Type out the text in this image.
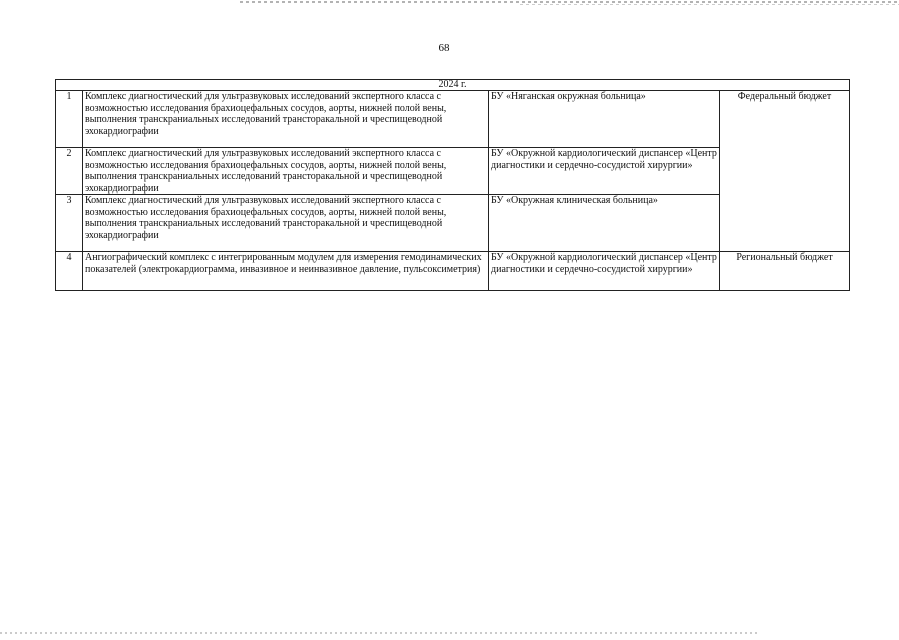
68
2024 г.			
1	Комплекс диагностический для ультразвуковых исследований экспертного класса с возможностью исследования брахиоцефальных сосудов, аорты, нижней полой вены, выполнения транскраниальных исследований трансторакальной и чреспищеводной эхокардиографии	БУ «Няганская окружная больница»	Федеральный бюджет
2	Комплекс диагностический для ультразвуковых исследований экспертного класса с возможностью исследования брахиоцефальных сосудов, аорты, нижней полой вены, выполнения транскраниальных исследований трансторакальной и чреспищеводной эхокардиографии	БУ «Окружной кардиологический диспансер «Центр диагностики и сердечно-сосудистой хирургии»	
3	Комплекс диагностический для ультразвуковых исследований экспертного класса с возможностью исследования брахиоцефальных сосудов, аорты, нижней полой вены, выполнения транскраниальных исследований трансторакальной и чреспищеводной эхокардиографии	БУ «Окружная клиническая больница»	
4	Ангиографический комплекс с интегрированным модулем для измерения гемодинамических показателей (электрокардиограмма, инвазивное и неинвазивное давление, пульсоксиметрия)	БУ «Окружной кардиологический диспансер «Центр диагностики и сердечно-сосудистой хирургии»	Региональный бюджет
